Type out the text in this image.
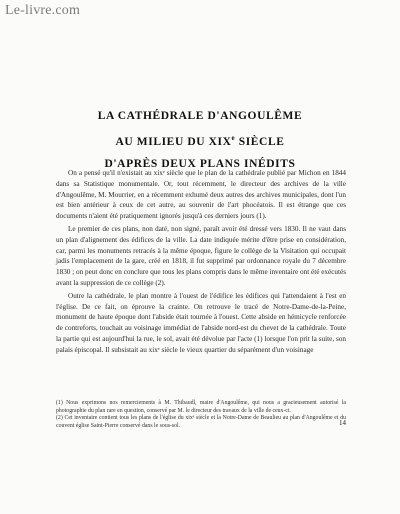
Le-livre.com
LA CATHÉDRALE D'ANGOULÊME
AU MILIEU DU XIXe SIÈCLE
D'APRÈS DEUX PLANS INÉDITS

On a pensé qu'il n'existait au xixᵉ siècle que le plan de la cathédrale publié par Michon en 1844 dans sa Statistique monumentale. Or, tout récemment, le directeur des archives de la ville d'Angoulême, M. Mourrier, en a récemment exhumé deux autres des archives municipales, dont l'un est bien antérieur à ceux de cet autre, au souvenir de l'art phocéatois. Il est étrange que ces documents n'aient été pratiquement ignorés jusqu'à ces derniers jours (1).

Le premier de ces plans, non daté, non signé, paraît avoir été dressé vers 1830. Il ne vaut dans un plan d'alignement des édifices de la ville. La date indiquée mérite d'être prise en considération, car, parmi les monuments retracés à la même époque, figure le collège de la Visitation qui occupait jadis l'emplacement de la gare, créé en 1818, il fut supprimé par ordonnance royale du 7 décembre 1830 ; on peut donc en conclure que tous les plans compris dans le même inventaire ont été exécutés avant la suppression de ce collège (2).

Outre la cathédrale, le plan montre à l'ouest de l'édifice les édifices qui l'attendaient à l'est en l'église. De ce fait, on éprouve la crainte. On retrouve le tracé de Notre-Dame-de-la-Peine, monument de haute époque dont l'abside était tournée à l'ouest. Cette abside en hémicycle renforcée de contreforts, touchait au voisinage immédiat de l'abside nord-est du chevet de la cathédrale. Toute la partie qui est aujourd'hui la rue, le sol, avait été dévolue par l'acte (1) lorsque l'on prit la suite, son palais épiscopal. Il subsistait au xixᵉ siècle le vieux quartier du séparément d'un voisinage

(1) Nous exprimons nos remerciements à M. Thibaudl, maire d'Angoulême, qui nous a gracieusement autorisé la photographie du plan rare en question, conservé par M. le directeur des travaux de la ville de ceux-ci.

(2) Cet inventaire contient tous les plans de l'église du xixᵉ siècle et la Notre-Dame de Beaulieu au plan d'Angoulême et du couvent église Saint-Pierre conservé dans le sous-sol.	14
